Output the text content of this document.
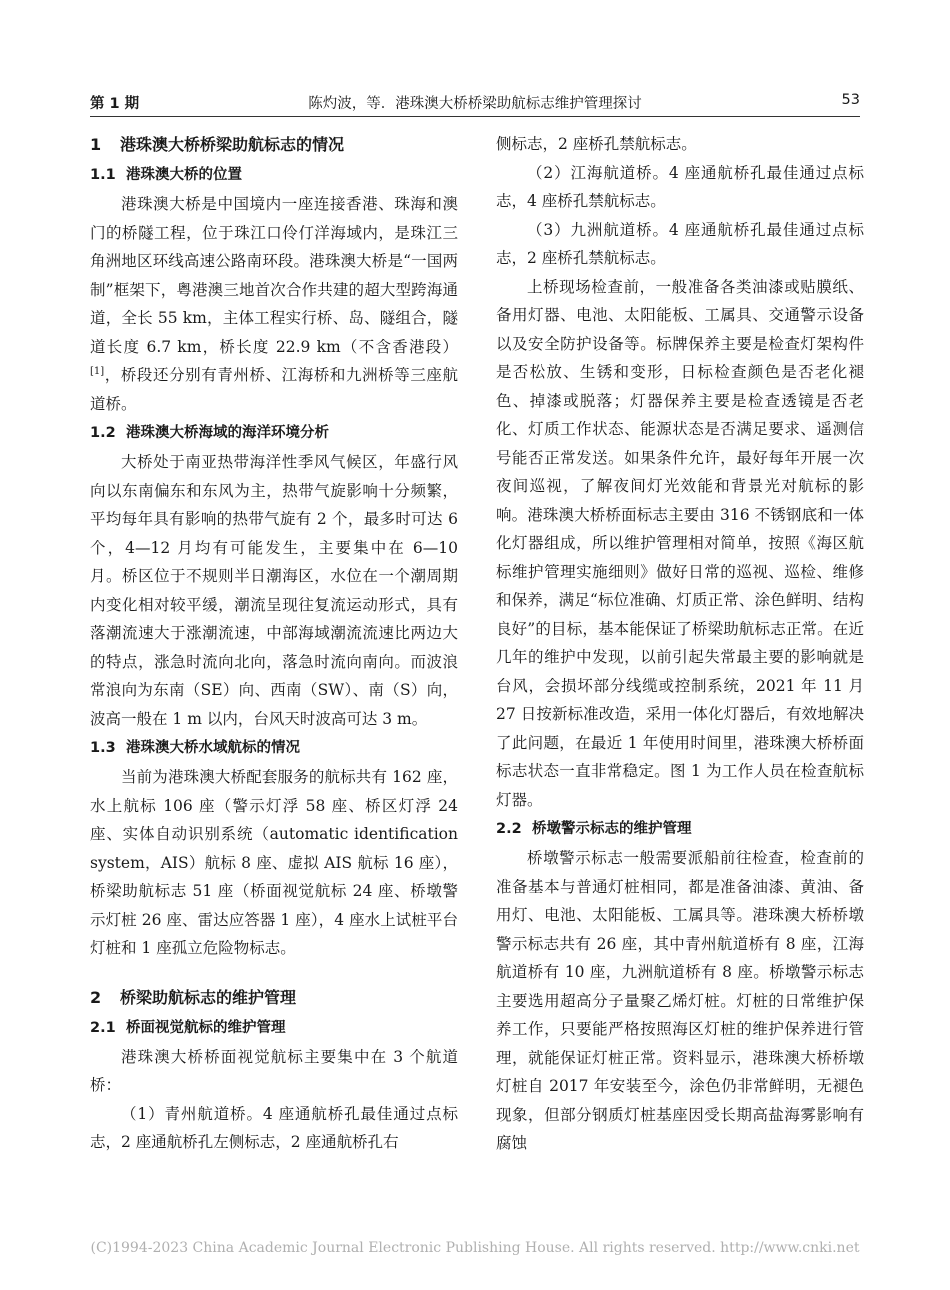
第 1 期	陈灼波，等．港珠澳大桥桥梁助航标志维护管理探讨	53
1 港珠澳大桥桥梁助航标志的情况
1.1 港珠澳大桥的位置

港珠澳大桥是中国境内一座连接香港、珠海和澳门的桥隧工程，位于珠江口伶仃洋海域内，是珠江三角洲地区环线高速公路南环段。港珠澳大桥是“一国两制”框架下，粤港澳三地首次合作共建的超大型跨海通道，全长 55 km，主体工程实行桥、岛、隧组合，隧道长度 6.7 km，桥长度 22.9 km（不含香港段）[1]，桥段还分别有青州桥、江海桥和九洲桥等三座航道桥。

1.2 港珠澳大桥海域的海洋环境分析

大桥处于南亚热带海洋性季风气候区，年盛行风向以东南偏东和东风为主，热带气旋影响十分频繁，平均每年具有影响的热带气旋有 2 个，最多时可达 6 个，4—12 月均有可能发生，主要集中在 6—10 月。桥区位于不规则半日潮海区，水位在一个潮周期内变化相对较平缓，潮流呈现往复流运动形式，具有落潮流速大于涨潮流速，中部海域潮流流速比两边大的特点，涨急时流向北向，落急时流向南向。而波浪常浪向为东南（SE）向、西南（SW）、南（S）向，波高一般在 1 m 以内，台风天时波高可达 3 m。

1.3 港珠澳大桥水域航标的情况

当前为港珠澳大桥配套服务的航标共有 162 座，水上航标 106 座（警示灯浮 58 座、桥区灯浮 24 座、实体自动识别系统（automatic identification system，AIS）航标 8 座、虚拟 AIS 航标 16 座），桥梁助航标志 51 座（桥面视觉航标 24 座、桥墩警示灯桩 26 座、雷达应答器 1 座），4 座水上试桩平台灯桩和 1 座孤立危险物标志。

2 桥梁助航标志的维护管理
2.1 桥面视觉航标的维护管理

港珠澳大桥桥面视觉航标主要集中在 3 个航道桥：

（1）青州航道桥。4 座通航桥孔最佳通过点标志，2 座通航桥孔左侧标志，2 座通航桥孔右

侧标志，2 座桥孔禁航标志。

（2）江海航道桥。4 座通航桥孔最佳通过点标志，4 座桥孔禁航标志。

（3）九洲航道桥。4 座通航桥孔最佳通过点标志，2 座桥孔禁航标志。

上桥现场检查前，一般准备各类油漆或贴膜纸、备用灯器、电池、太阳能板、工属具、交通警示设备以及安全防护设备等。标牌保养主要是检查灯架构件是否松放、生锈和变形，日标检查颜色是否老化褪色、掉漆或脱落；灯器保养主要是检查透镜是否老化、灯质工作状态、能源状态是否满足要求、遥测信号能否正常发送。如果条件允许，最好每年开展一次夜间巡视，了解夜间灯光效能和背景光对航标的影响。港珠澳大桥桥面标志主要由 316 不锈钢底和一体化灯器组成，所以维护管理相对简单，按照《海区航标维护管理实施细则》做好日常的巡视、巡检、维修和保养，满足“标位准确、灯质正常、涂色鲜明、结构良好”的目标，基本能保证了桥梁助航标志正常。在近几年的维护中发现，以前引起失常最主要的影响就是台风，会损坏部分线缆或控制系统，2021 年 11 月 27 日按新标准改造，采用一体化灯器后，有效地解决了此问题，在最近 1 年使用时间里，港珠澳大桥桥面标志状态一直非常稳定。图 1 为工作人员在检查航标灯器。

2.2 桥墩警示标志的维护管理

桥墩警示标志一般需要派船前往检查，检查前的准备基本与普通灯桩相同，都是准备油漆、黄油、备用灯、电池、太阳能板、工属具等。港珠澳大桥桥墩警示标志共有 26 座，其中青州航道桥有 8 座，江海航道桥有 10 座，九洲航道桥有 8 座。桥墩警示标志主要选用超高分子量聚乙烯灯桩。灯桩的日常维护保养工作，只要能严格按照海区灯桩的维护保养进行管理，就能保证灯桩正常。资料显示，港珠澳大桥桥墩灯桩自 2017 年安装至今，涂色仍非常鲜明，无褪色现象，但部分钢质灯桩基座因受长期高盐海雾影响有腐蚀

(C)1994-2023 China Academic Journal Electronic Publishing House. All rights reserved. http://www.cnki.net
